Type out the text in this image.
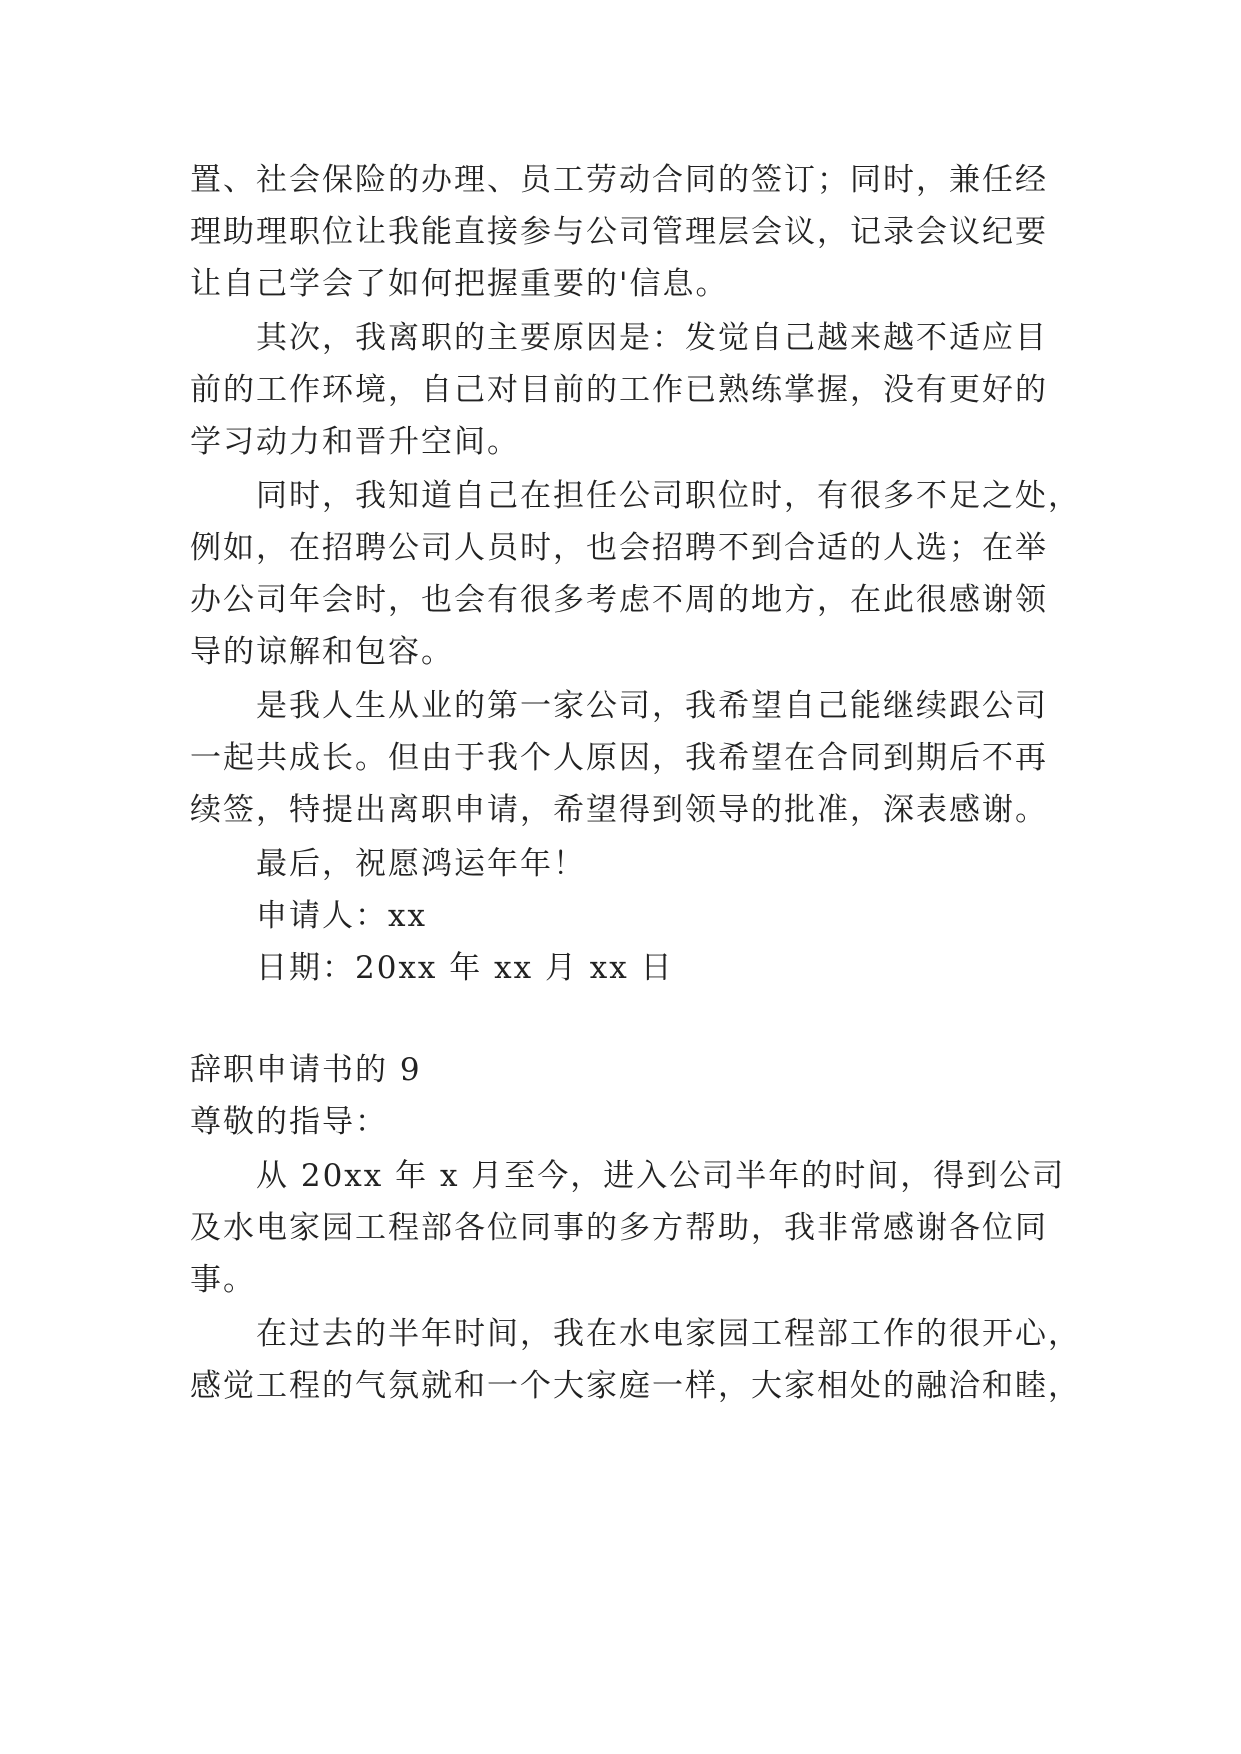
置、社会保险的办理、员工劳动合同的签订；同时，兼任经
理助理职位让我能直接参与公司管理层会议，记录会议纪要
让自己学会了如何把握重要的'信息。
其次，我离职的主要原因是：发觉自己越来越不适应目
前的工作环境，自己对目前的工作已熟练掌握，没有更好的
学习动力和晋升空间。
同时，我知道自己在担任公司职位时，有很多不足之处，
例如，在招聘公司人员时，也会招聘不到合适的人选；在举
办公司年会时，也会有很多考虑不周的地方，在此很感谢领
导的谅解和包容。
是我人生从业的第一家公司，我希望自己能继续跟公司
一起共成长。但由于我个人原因，我希望在合同到期后不再
续签，特提出离职申请，希望得到领导的批准，深表感谢。
最后，祝愿鸿运年年！
申请人：xx
日期：20xx 年 xx 月 xx 日
辞职申请书的 9
尊敬的指导：
从 20xx 年 x 月至今，进入公司半年的时间，得到公司
及水电家园工程部各位同事的多方帮助，我非常感谢各位同
事。
在过去的半年时间，我在水电家园工程部工作的很开心，
感觉工程的气氛就和一个大家庭一样，大家相处的融洽和睦，
